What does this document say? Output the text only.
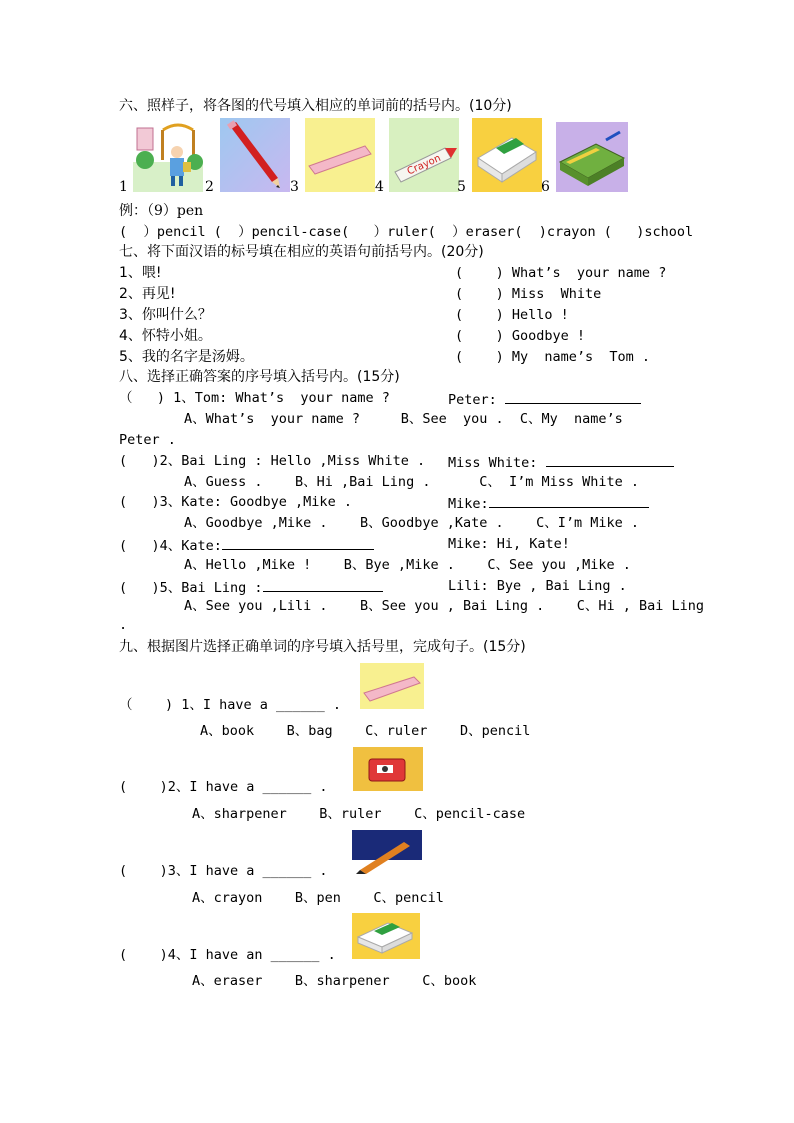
六、照样子，将各图的代号填入相应的单词前的括号内。(10分)
1	2	3	4
Crayon
5	6
例：（9）pen
(  ）pencil (  ）pencil-case(   ）ruler(  ）eraser(  )crayon (   )school
七、将下面汉语的标号填在相应的英语句前括号内。(20分)
1、喂!	(    ) What’s  your name ?
2、再见!	(    ) Miss  White
3、你叫什么？	(    ) Hello !
4、怀特小姐。	(    ) Goodbye !
5、我的名字是汤姆。	(    ) My  name’s  Tom .
八、选择正确答案的序号填入括号内。(15分)
（   ) 1、Tom: What’s  your name ?	Peter:
A、What’s  your name ?     B、See  you .  C、My  name’s
Peter .
(   )2、Bai Ling : Hello ,Miss White . Miss White:
A、Guess .    B、Hi ,Bai Ling .      C、 I’m Miss White .
(   )3、Kate: Goodbye ,Mike .	Mike:
A、Goodbye ,Mike .    B、Goodbye ,Kate .    C、I’m Mike .
(   )4、Kate:	Mike: Hi, Kate!
A、Hello ,Mike !    B、Bye ,Mike .    C、See you ,Mike .
(   )5、Bai Ling :	Lili: Bye , Bai Ling .
A、See you ,Lili .    B、See you , Bai Ling .    C、Hi , Bai Ling
.
九、根据图片选择正确单词的序号填入括号里，完成句子。(15分)
（    ) 1、I have a ______ .
A、book    B、bag    C、ruler    D、pencil
(    )2、I have a ______ .
A、sharpener    B、ruler    C、pencil-case
(    )3、I have a ______ .
A、crayon    B、pen    C、pencil
(    )4、I have an ______ .
A、eraser    B、sharpener    C、book
